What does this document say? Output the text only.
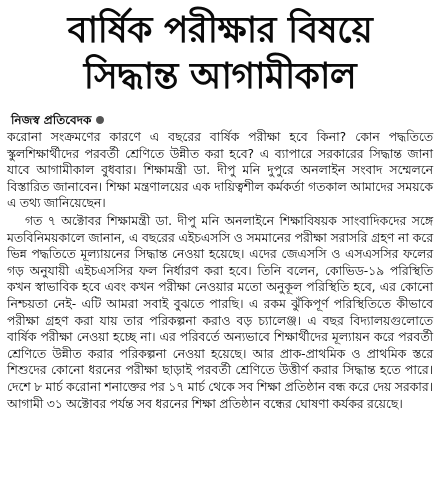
বার্ষিক পরীক্ষার বিষয়ে
সিদ্ধান্ত আগামীকাল
নিজস্ব প্রতিবেদক

করোনা সংক্রমণের কারণে এ বছরের বার্ষিক পরীক্ষা হবে কিনা? কোন পদ্ধতিতে স্কুলশিক্ষার্থীদের পরবর্তী শ্রেণিতে উন্নীত করা হবে? এ ব্যাপারে সরকারের সিদ্ধান্ত জানা যাবে আগামীকাল বুধবার। শিক্ষামন্ত্রী ডা. দীপু মনি দুপুরে অনলাইন সংবাদ সম্মেলনে বিস্তারিত জানাবেন। শিক্ষা মন্ত্রণালয়ের এক দায়িত্বশীল কর্মকর্তা গতকাল আমাদের সময়কে এ তথ্য জানিয়েছেন।

গত ৭ অক্টোবর শিক্ষামন্ত্রী ডা. দীপু মনি অনলাইনে শিক্ষাবিষয়ক সাংবাদিকদের সঙ্গে মতবিনিময়কালে জানান, এ বছরের এইচএসসি ও সমমানের পরীক্ষা সরাসরি গ্রহণ না করে ভিন্ন পদ্ধতিতে মূল্যায়নের সিদ্ধান্ত নেওয়া হয়েছে। এদের জেএসসি ও এসএসসির ফলের গড় অনুযায়ী এইচএসসির ফল নির্ধারণ করা হবে। তিনি বলেন, কোভিড-১৯ পরিস্থিতি কখন স্বাভাবিক হবে এবং কখন পরীক্ষা নেওয়ার মতো অনুকূল পরিস্থিতি হবে, এর কোনো নিশ্চয়তা নেই- এটি আমরা সবাই বুঝতে পারছি। এ রকম ঝুঁকিপূর্ণ পরিস্থিতিতে কীভাবে পরীক্ষা গ্রহণ করা যায় তার পরিকল্পনা করাও বড় চ্যালেঞ্জ। এ বছর বিদ্যালয়গুলোতে বার্ষিক পরীক্ষা নেওয়া হচ্ছে না। এর পরিবর্তে অন্যভাবে শিক্ষার্থীদের মূল্যায়ন করে পরবর্তী শ্রেণিতে উন্নীত করার পরিকল্পনা নেওয়া হয়েছে। আর প্রাক-প্রাথমিক ও প্রাথমিক স্তরে শিশুদের কোনো ধরনের পরীক্ষা ছাড়াই পরবর্তী শ্রেণিতে উত্তীর্ণ করার সিদ্ধান্ত হতে পারে। দেশে ৮ মার্চ করোনা শনাক্তের পর ১৭ মার্চ থেকে সব শিক্ষা প্রতিষ্ঠান বন্ধ করে দেয় সরকার। আগামী ৩১ অক্টোবর পর্যন্ত সব ধরনের শিক্ষা প্রতিষ্ঠান বন্ধের ঘোষণা কর্যকর রয়েছে।
